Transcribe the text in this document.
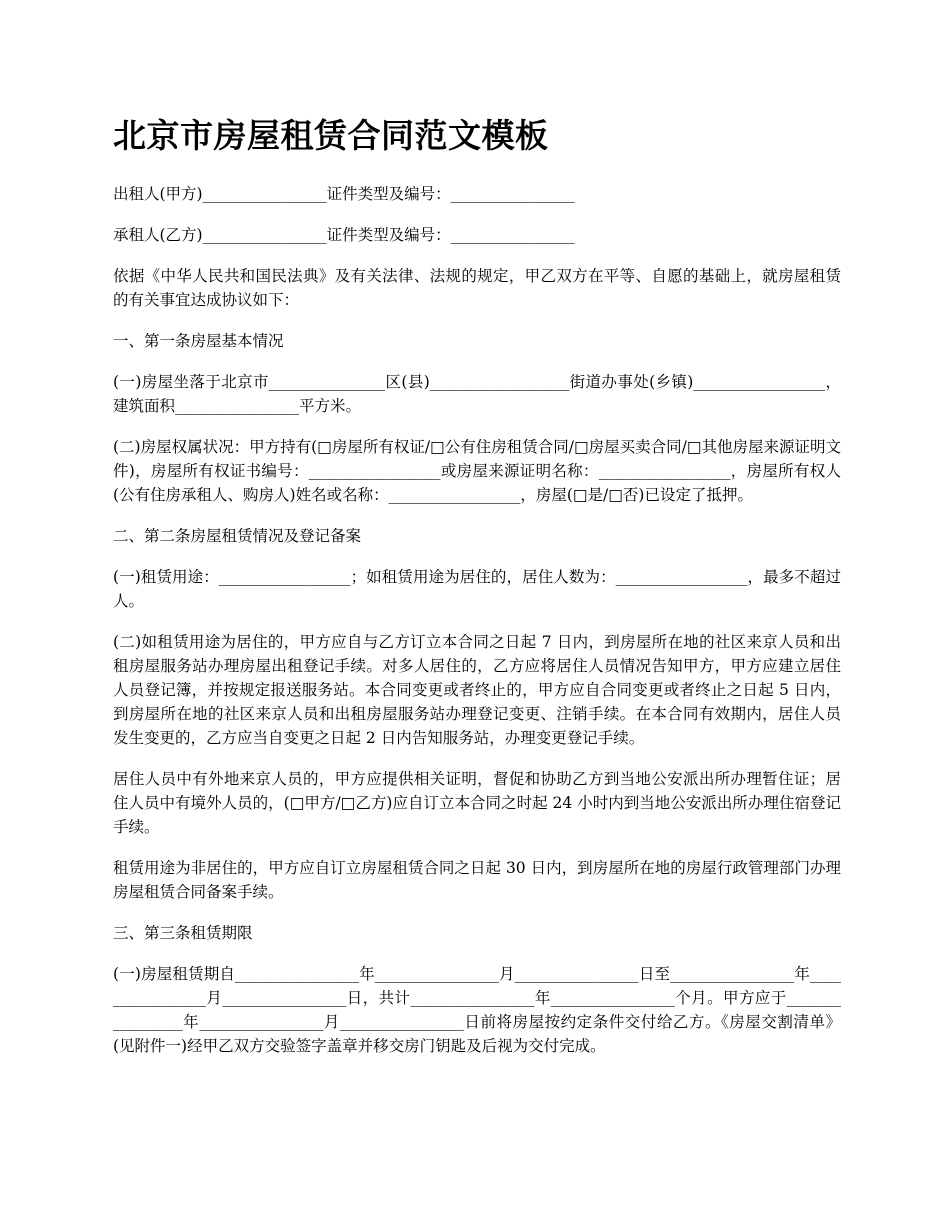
北京市房屋租赁合同范文模板

出租人(甲方)________________证件类型及编号：________________

承租人(乙方)________________证件类型及编号：________________

依据《中华人民共和国民法典》及有关法律、法规的规定，甲乙双方在平等、自愿的基础上，就房屋租赁的有关事宜达成协议如下：

一、第一条房屋基本情况

(一)房屋坐落于北京市_______________区(县)__________________街道办事处(乡镇)_________________，建筑面积________________平方米。

(二)房屋权属状况：甲方持有(□房屋所有权证/□公有住房租赁合同/□房屋买卖合同/□其他房屋来源证明文件)，房屋所有权证书编号：_________________或房屋来源证明名称：_________________，房屋所有权人(公有住房承租人、购房人)姓名或名称：_________________，房屋(□是/□否)已设定了抵押。

二、第二条房屋租赁情况及登记备案

(一)租赁用途：_________________；如租赁用途为居住的，居住人数为：_________________，最多不超过人。

(二)如租赁用途为居住的，甲方应自与乙方订立本合同之日起 7 日内，到房屋所在地的社区来京人员和出租房屋服务站办理房屋出租登记手续。对多人居住的，乙方应将居住人员情况告知甲方，甲方应建立居住人员登记簿，并按规定报送服务站。本合同变更或者终止的，甲方应自合同变更或者终止之日起 5 日内，到房屋所在地的社区来京人员和出租房屋服务站办理登记变更、注销手续。在本合同有效期内，居住人员发生变更的，乙方应当自变更之日起 2 日内告知服务站，办理变更登记手续。

居住人员中有外地来京人员的，甲方应提供相关证明，督促和协助乙方到当地公安派出所办理暂住证；居住人员中有境外人员的，(□甲方/□乙方)应自订立本合同之时起 24 小时内到当地公安派出所办理住宿登记手续。

租赁用途为非居住的，甲方应自订立房屋租赁合同之日起 30 日内，到房屋所在地的房屋行政管理部门办理房屋租赁合同备案手续。

三、第三条租赁期限

(一)房屋租赁期自________________年________________月________________日至________________年________________月________________日，共计________________年________________个月。甲方应于________________年________________月________________日前将房屋按约定条件交付给乙方。《房屋交割清单》(见附件一)经甲乙双方交验签字盖章并移交房门钥匙及后视为交付完成。
